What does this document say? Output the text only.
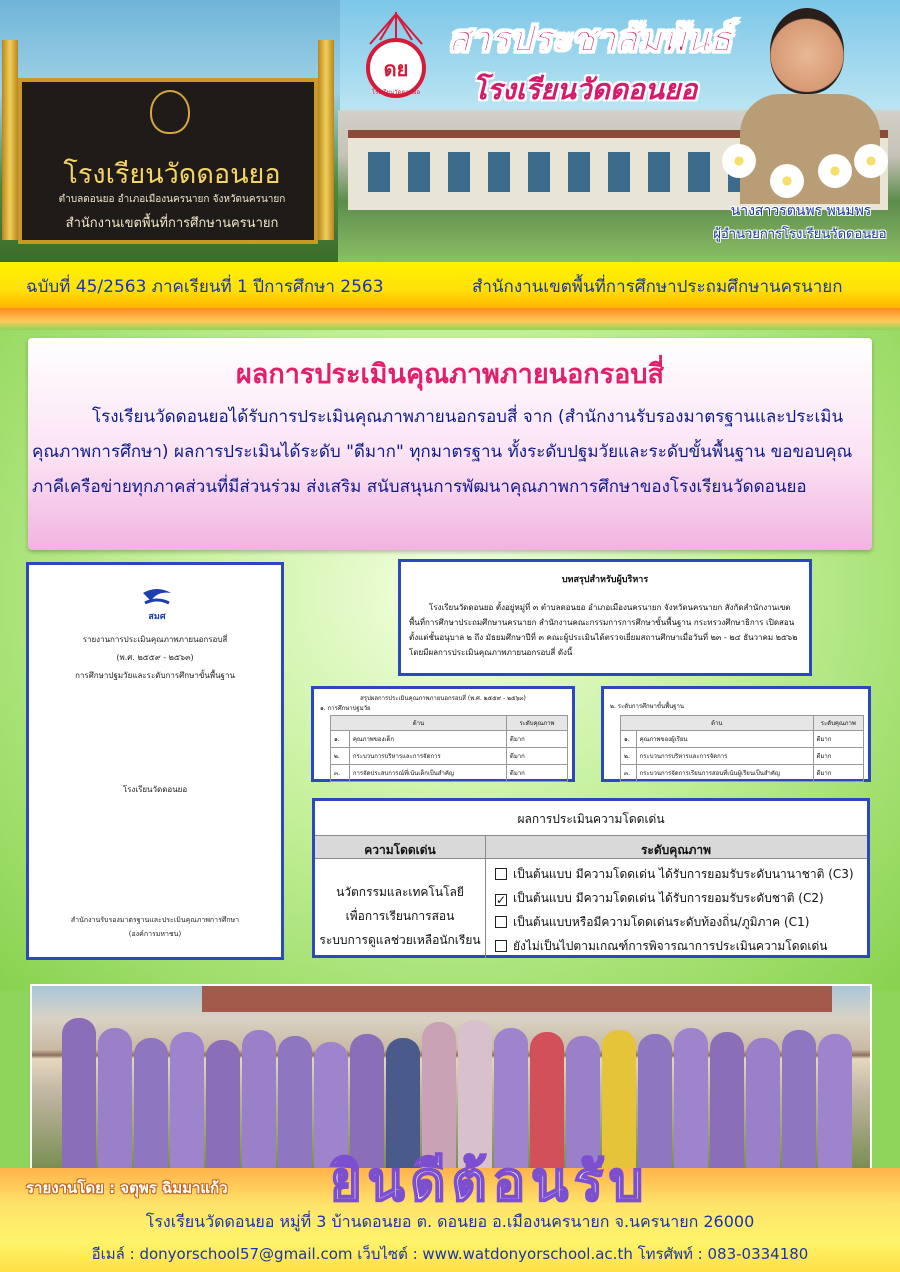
โรงเรียนวัดดอนยอ
ตำบลดอนยอ อำเภอเมืองนครนายก จังหวัดนครนายก
สำนักงานเขตพื้นที่การศึกษานครนายก
ดย
โรงเรียนวัดดอนยอ
สารประชาสัมพันธ์
โรงเรียนวัดดอนยอ
นางสาวรตนพร พนมพร
ผู้อำนวยการโรงเรียนวัดดอนยอ
ฉบับที่ 45/2563 ภาคเรียนที่ 1 ปีการศึกษา 2563	สำนักงานเขตพื้นที่การศึกษาประถมศึกษานครนายก
ผลการประเมินคุณภาพภายนอกรอบสี่
โรงเรียนวัดดอนยอได้รับการประเมินคุณภาพภายนอกรอบสี่ จาก (สำนักงานรับรองมาตรฐานและประเมินคุณภาพการศึกษา) ผลการประเมินได้ระดับ "ดีมาก" ทุกมาตรฐาน ทั้งระดับปฐมวัยและระดับขั้นพื้นฐาน ขอขอบคุณภาคีเครือข่ายทุกภาคส่วนที่มีส่วนร่วม ส่งเสริม สนับสนุนการพัฒนาคุณภาพการศึกษาของโรงเรียนวัดดอนยอ
สมศ
รายงานการประเมินคุณภาพภายนอกรอบสี่
(พ.ศ. ๒๕๕๙ - ๒๕๖๓)
การศึกษาปฐมวัยและระดับการศึกษาขั้นพื้นฐาน
โรงเรียนวัดดอนยอ
สำนักงานรับรองมาตรฐานและประเมินคุณภาพการศึกษา
(องค์การมหาชน)
บทสรุปสำหรับผู้บริหาร
โรงเรียนวัดดอนยอ ตั้งอยู่หมู่ที่ ๓ ตำบลดอนยอ อำเภอเมืองนครนายก จังหวัดนครนายก สังกัดสำนักงานเขตพื้นที่การศึกษาประถมศึกษานครนายก สำนักงานคณะกรรมการการศึกษาขั้นพื้นฐาน กระทรวงศึกษาธิการ เปิดสอนตั้งแต่ชั้นอนุบาล ๒ ถึง มัธยมศึกษาปีที่ ๓ คณะผู้ประเมินได้ตรวจเยี่ยมสถานศึกษาเมื่อวันที่ ๒๓ - ๒๔ ธันวาคม ๒๕๖๒ โดยมีผลการประเมินคุณภาพภายนอกรอบสี่ ดังนี้
สรุปผลการประเมินคุณภาพภายนอกรอบสี่ (พ.ศ. ๒๕๕๙ - ๒๕๖๓)
๑. การศึกษาปฐมวัย
ด้าน		ระดับคุณภาพ
๑.	คุณภาพของเด็ก	ดีมาก
๒.	กระบวนการบริหารและการจัดการ	ดีมาก
๓.	การจัดประสบการณ์ที่เน้นเด็กเป็นสำคัญ	ดีมาก
๒. ระดับการศึกษาขั้นพื้นฐาน
ด้าน		ระดับคุณภาพ
๑.	คุณภาพของผู้เรียน	ดีมาก
๒.	กระบวนการบริหารและการจัดการ	ดีมาก
๓.	กระบวนการจัดการเรียนการสอนที่เน้นผู้เรียนเป็นสำคัญ	ดีมาก
ผลการประเมินความโดดเด่น
ความโดดเด่น	ระดับคุณภาพ
นวัตกรรมและเทคโนโลยี
เพื่อการเรียนการสอน
ระบบการดูแลช่วยเหลือนักเรียน
เป็นต้นแบบ มีความโดดเด่น ได้รับการยอมรับระดับนานาชาติ (C3)
✓ เป็นต้นแบบ มีความโดดเด่น ได้รับการยอมรับระดับชาติ (C2)
เป็นต้นแบบหรือมีความโดดเด่นระดับท้องถิ่น/ภูมิภาค (C1)
ยังไม่เป็นไปตามเกณฑ์การพิจารณาการประเมินความโดดเด่น
รายงานโดย : จตุพร ฉิมมาแก้ว
โรงเรียนวัดดอนยอ หมู่ที่ 3 บ้านดอนยอ ต. ดอนยอ อ.เมืองนครนายก จ.นครนายก 26000
อีเมล์ : donyorschool57@gmail.com เว็บไซต์ : www.watdonyorschool.ac.th โทรศัพท์ : 083-0334180
ยินดีต้อนรับ
